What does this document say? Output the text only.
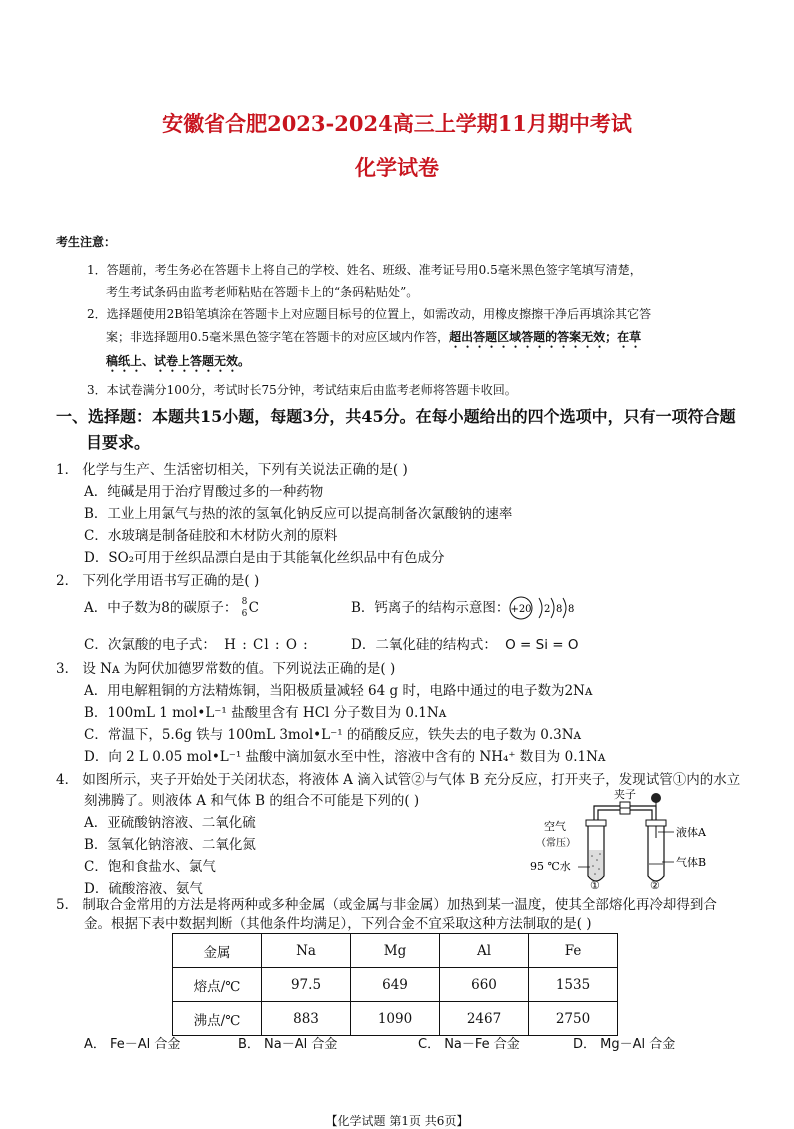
安徽省合肥2023-2024高三上学期11月期中考试
化学试卷
考生注意：
1．答题前，考生务必在答题卡上将自己的学校、姓名、班级、准考证号用0.5毫米黑色签字笔填写清楚，
考生考试条码由监考老师粘贴在答题卡上的“条码粘贴处”。
2．选择题使用2B铅笔填涂在答题卡上对应题目标号的位置上，如需改动，用橡皮擦擦干净后再填涂其它答
案；非选择题用0.5毫米黑色签字笔在答题卡的对应区域内作答，超出答题区域答题的答案无效；在草
稿纸上、试卷上答题无效。
3．本试卷满分100分，考试时长75分钟，考试结束后由监考老师将答题卡收回。
一、选择题：本题共15小题，每题3分，共45分。在每小题给出的四个选项中，只有一项符合题
目要求。
1． 化学与生产、生活密切相关，下列有关说法正确的是( )
A．纯碱是用于治疗胃酸过多的一种药物
B．工业上用氯气与热的浓的氢氧化钠反应可以提高制备次氯酸钠的速率
C．水玻璃是制备硅胶和木材防火剂的原料
D．SO₂可用于丝织品漂白是由于其能氧化丝织品中有色成分
2． 下列化学用语书写正确的是( )
A．中子数为8的碳原子： 8
6 C	B．钙离子的结构示意图： +20 2 8 8
C．次氯酸的电子式： H : Cl : O :	D．二氧化硅的结构式： O = Si = O
3． 设 Nᴀ 为阿伏加德罗常数的值。下列说法正确的是( )
A．用电解粗铜的方法精炼铜，当阳极质量减轻 64 g 时，电路中通过的电子数为2Nᴀ
B．100mL 1 mol•L⁻¹ 盐酸里含有 HCl 分子数目为 0.1Nᴀ
C．常温下，5.6g 铁与 100mL 3mol•L⁻¹ 的硝酸反应，铁失去的电子数为 0.3Nᴀ
D．向 2 L 0.05 mol•L⁻¹ 盐酸中滴加氨水至中性，溶液中含有的 NH₄⁺ 数目为 0.1Nᴀ
4． 如图所示，夹子开始处于关闭状态，将液体 A 滴入试管②与气体 B 充分反应，打开夹子，发现试管①内的水立
刻沸腾了。则液体 A 和气体 B 的组合不可能是下列的( )
A．亚硫酸钠溶液、二氧化硫
B．氢氧化钠溶液、二氧化氮
C．饱和食盐水、氯气
D．硫酸溶液、氨气
夹子
空气
（常压）
95 ℃水
液体A
气体B
①	②
5． 制取合金常用的方法是将两种或多种金属（或金属与非金属）加热到某一温度，使其全部熔化再冷却得到合
金。根据下表中数据判断（其他条件均满足），下列合金不宜采取这种方法制取的是( )
金属	Na	Mg	Al	Fe
熔点/℃	97.5	649	660	1535
沸点/℃	883	1090	2467	2750
A． Fe－Al 合金	B． Na－Al 合金	C． Na－Fe 合金	D． Mg－Al 合金
【化学试题 第1页 共6页】
